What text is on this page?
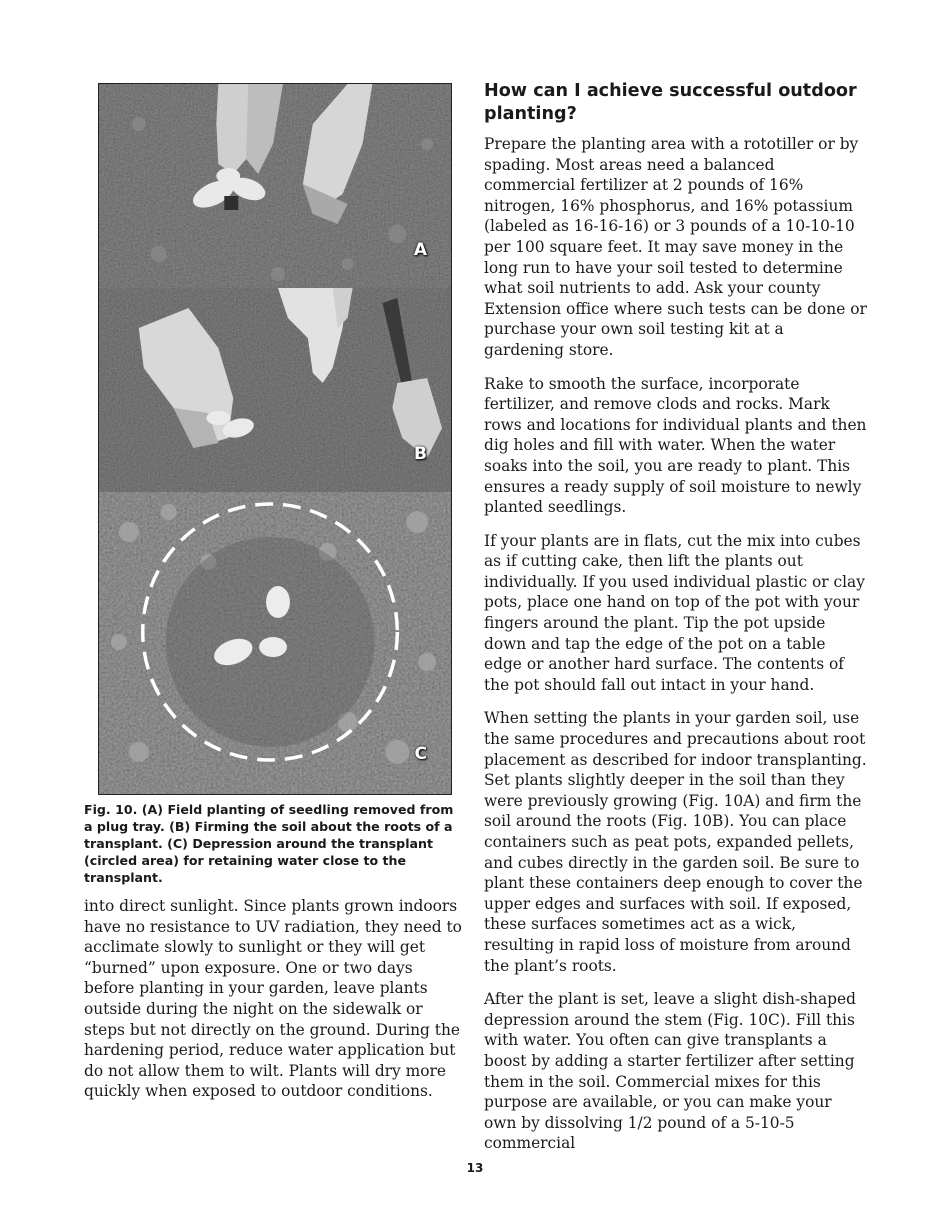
A
B
C

Fig. 10. (A) Field planting of seedling removed from a plug tray. (B) Firming the soil about the roots of a transplant. (C) Depression around the transplant (circled area) for retaining water close to the transplant.

into direct sunlight. Since plants grown indoors have no resistance to UV radiation, they need to acclimate slowly to sunlight or they will get “burned” upon exposure. One or two days before planting in your garden, leave plants outside during the night on the sidewalk or steps but not directly on the ground. During the hardening period, reduce water application but do not allow them to wilt. Plants will dry more quickly when exposed to outdoor conditions.

How can I achieve successful outdoor planting?

Prepare the planting area with a rototiller or by spading. Most areas need a balanced commercial fertilizer at 2 pounds of 16% nitrogen, 16% phosphorus, and 16% potassium (labeled as 16-16-16) or 3 pounds of a 10-10-10 per 100 square feet. It may save money in the long run to have your soil tested to determine what soil nutrients to add. Ask your county Extension office where such tests can be done or purchase your own soil testing kit at a gardening store.

Rake to smooth the surface, incorporate fertilizer, and remove clods and rocks. Mark rows and locations for individual plants and then dig holes and fill with water. When the water soaks into the soil, you are ready to plant. This ensures a ready supply of soil moisture to newly planted seedlings.

If your plants are in flats, cut the mix into cubes as if cutting cake, then lift the plants out individually. If you used individual plastic or clay pots, place one hand on top of the pot with your fingers around the plant. Tip the pot upside down and tap the edge of the pot on a table edge or another hard surface. The contents of the pot should fall out intact in your hand.

When setting the plants in your garden soil, use the same procedures and precautions about root placement as described for indoor transplanting. Set plants slightly deeper in the soil than they were previously growing (Fig. 10A) and firm the soil around the roots (Fig. 10B). You can place containers such as peat pots, expanded pellets, and cubes directly in the garden soil. Be sure to plant these containers deep enough to cover the upper edges and surfaces with soil. If exposed, these surfaces sometimes act as a wick, resulting in rapid loss of moisture from around the plant’s roots.

After the plant is set, leave a slight dish-shaped depression around the stem (Fig. 10C). Fill this with water. You often can give transplants a boost by adding a starter fertilizer after setting them in the soil. Commercial mixes for this purpose are available, or you can make your own by dissolving 1/2 pound of a 5-10-5 commercial

13
